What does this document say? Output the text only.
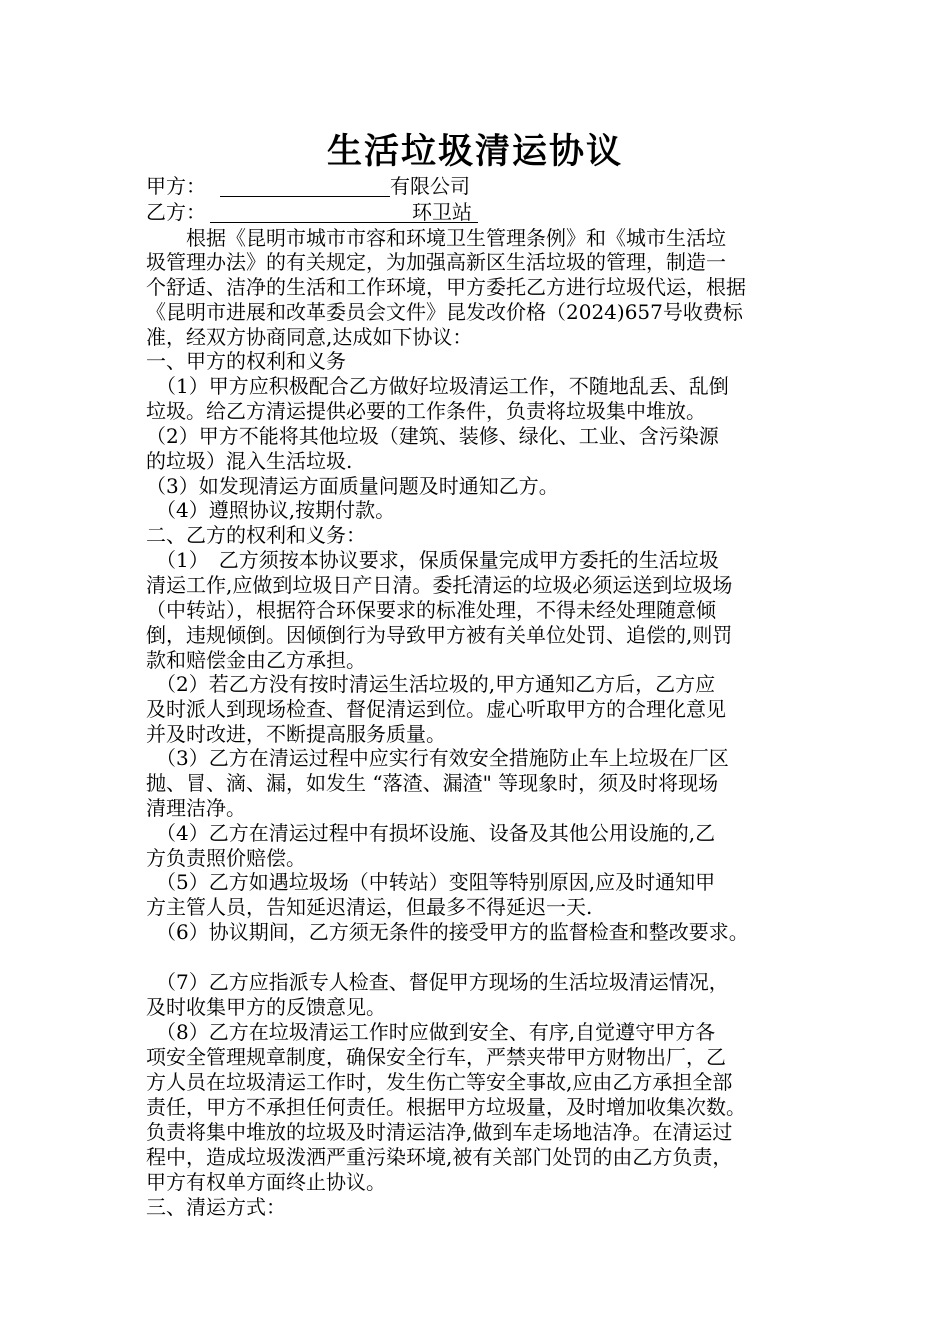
生活垃圾清运协议
甲方：	有限公司
乙方：	环卫站
　　根据《昆明市城市市容和环境卫生管理条例》和《城市生活垃
圾管理办法》的有关规定，为加强高新区生活垃圾的管理，制造一
个舒适、洁净的生活和工作环境，甲方委托乙方进行垃圾代运，根据
《昆明市进展和改革委员会文件》昆发改价格（2024)657号收费标
准，经双方协商同意,达成如下协议：
一、甲方的权利和义务
　（1）甲方应积极配合乙方做好垃圾清运工作，不随地乱丢、乱倒
垃圾。给乙方清运提供必要的工作条件，负责将垃圾集中堆放。
（2）甲方不能将其他垃圾（建筑、装修、绿化、工业、含污染源
的垃圾）混入生活垃圾.
（3）如发现清运方面质量问题及时通知乙方。
　（4）遵照协议,按期付款。
二、乙方的权利和义务：
　（1）　乙方须按本协议要求，保质保量完成甲方委托的生活垃圾
清运工作,应做到垃圾日产日清。委托清运的垃圾必须运送到垃圾场
（中转站），根据符合环保要求的标准处理，不得未经处理随意倾
倒，违规倾倒。因倾倒行为导致甲方被有关单位处罚、追偿的,则罚
款和赔偿金由乙方承担。
　（2）若乙方没有按时清运生活垃圾的,甲方通知乙方后，乙方应
及时派人到现场检查、督促清运到位。虚心听取甲方的合理化意见
并及时改进，不断提高服务质量。
　（3）乙方在清运过程中应实行有效安全措施防止车上垃圾在厂区
抛、冒、滴、漏，如发生 “落渣、漏渣" 等现象时，须及时将现场
清理洁净。
　（4）乙方在清运过程中有损坏设施、设备及其他公用设施的,乙
方负责照价赔偿。
　（5）乙方如遇垃圾场（中转站）变阻等特别原因,应及时通知甲
方主管人员，告知延迟清运，但最多不得延迟一天.
　（6）协议期间，乙方须无条件的接受甲方的监督检查和整改要求。
　（7）乙方应指派专人检查、督促甲方现场的生活垃圾清运情况，
及时收集甲方的反馈意见。
　（8）乙方在垃圾清运工作时应做到安全、有序,自觉遵守甲方各
项安全管理规章制度，确保安全行车，严禁夹带甲方财物出厂，乙
方人员在垃圾清运工作时，发生伤亡等安全事故,应由乙方承担全部
责任，甲方不承担任何责任。根据甲方垃圾量，及时增加收集次数。
负责将集中堆放的垃圾及时清运洁净,做到车走场地洁净。在清运过
程中，造成垃圾泼洒严重污染环境,被有关部门处罚的由乙方负责，
甲方有权单方面终止协议。
三、清运方式：
